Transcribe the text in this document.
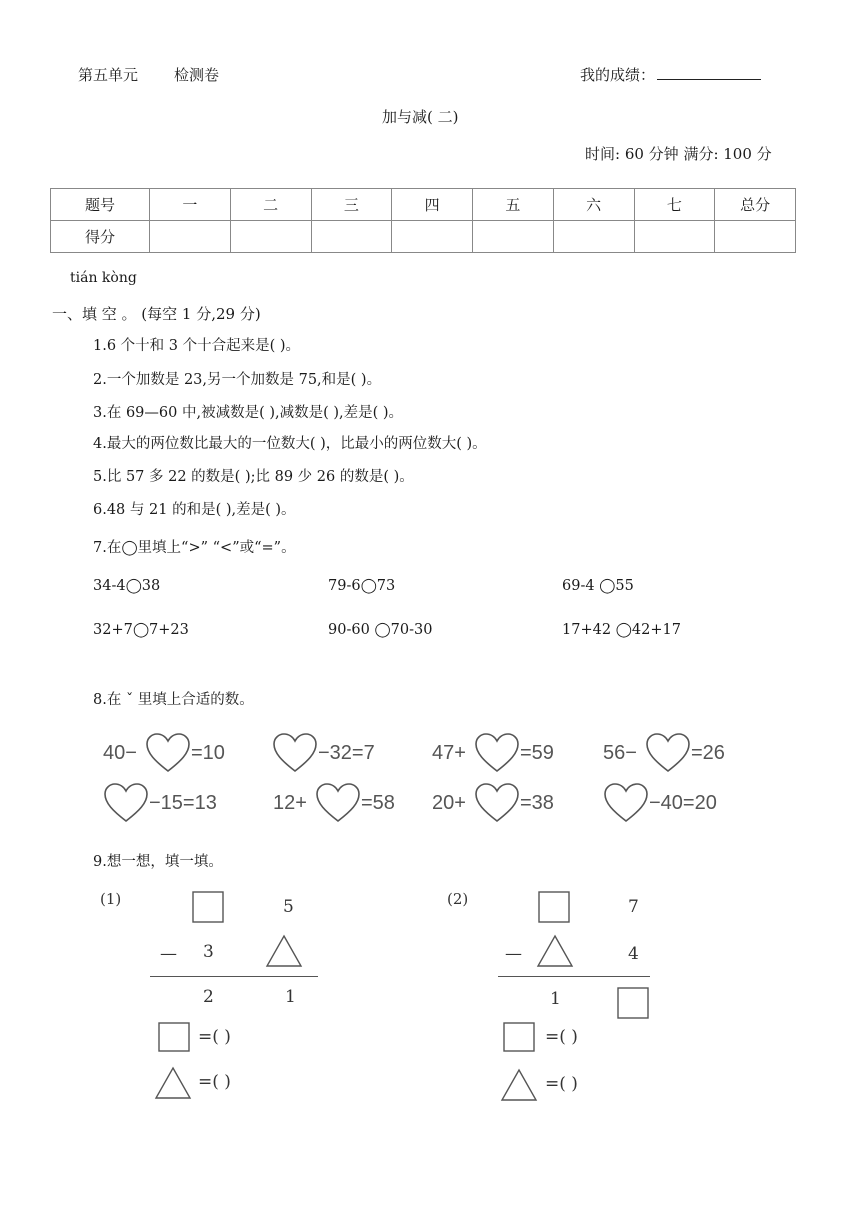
第五单元 检测卷	我的成绩：
加与减( 二)
时间: 60 分钟 满分: 100 分
题号	一	二	三	四	五	六	七	总分
得分								
tián kòng
一、填 空 。 (每空 1 分,29 分)
1.6 个十和 3 个十合起来是( )。
2.一个加数是 23,另一个加数是 75,和是( )。
3.在 69—60 中,被减数是( ),减数是( ),差是( )。
4.最大的两位数比最大的一位数大( )，比最小的两位数大( )。
5.比 57 多 22 的数是( );比 89 少 26 的数是( )。
6.48 与 21 的和是( ),差是( )。
7.在◯里填上“>” “<”或“=”。
34-4◯38	79-6◯73	69-4 ◯55
32+7◯7+23	90-60 ◯70-30	17+42 ◯42+17
8.在 ˇ 里填上合适的数。
40−	=10	−32=7	47+	=59 56−	=26
−15=13	12+	=58 20+	=38	−40=20
9.想一想，填一填。
(1)	5
— 3
2	1
=( )
=( )
(2)	7
—	4
1
=( )
=( )
